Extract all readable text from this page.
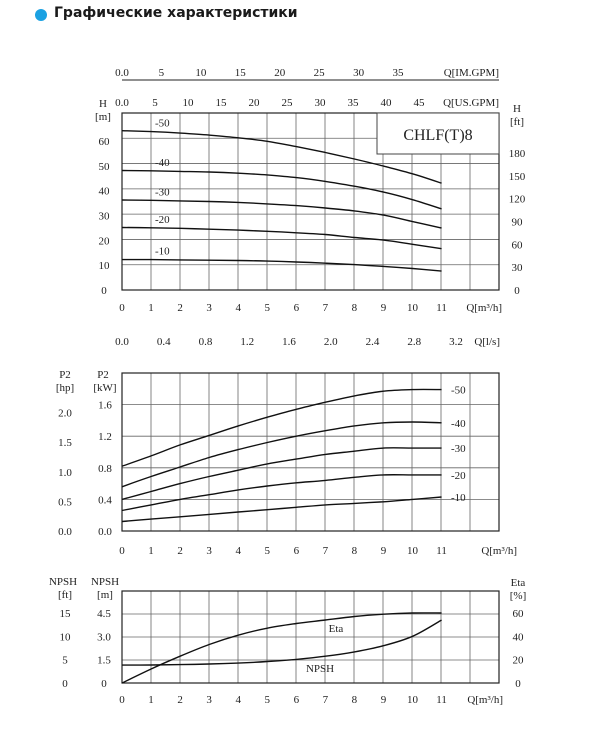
Графические характеристики
0.0	5	10	15	20	25	30	35	Q[IM.GPM]
0.0 5 10 15 20 25 30 35 40 45 Q[US.GPM]
0
10
20
30
40
50
60
H
[m]
0
30
60
90
120
150
180
H
[ft]
0 1 2 3 4 5 6 7 8 9 10 11 Q[m³/h]
0.0	0.4	0.8	1.2	1.6	2.0	2.4	2.8	3.2 Q[l/s]
CHLF(T)8
-10
-20
-30
-40
-50
0.0
0.4
0.8
1.2
1.6
P2
[kW]
0.0
0.5
1.0
1.5
2.0
P2
[hp]
0 1 2 3 4 5 6 7 8 9 10 11	Q[m³/h]
-10
-20
-30
-40
-50
0
1.5
3.0
4.5
NPSH
[m]
0
5
10
15
NPSH
[ft]
0
20
40
60
Eta
[%]
0 1 2 3 4 5 6 7 8 9 10 11 Q[m³/h]
Eta
NPSH
